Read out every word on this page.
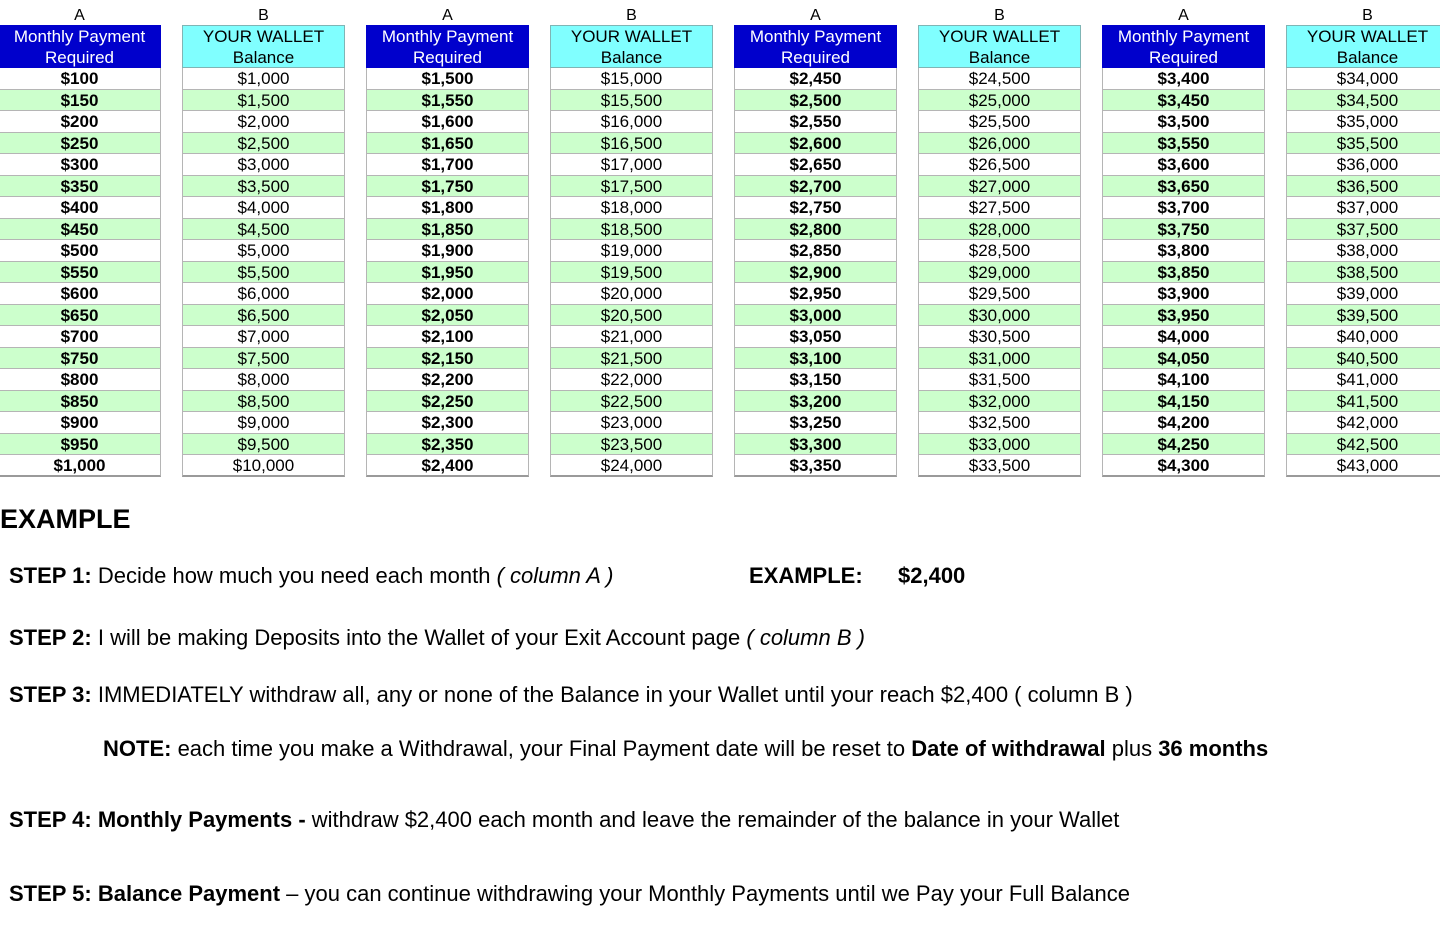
A
Monthly Payment
Required
$100
$150
$200
$250
$300
$350
$400
$450
$500
$550
$600
$650
$700
$750
$800
$850
$900
$950
$1,000
B
YOUR WALLET
Balance
$1,000
$1,500
$2,000
$2,500
$3,000
$3,500
$4,000
$4,500
$5,000
$5,500
$6,000
$6,500
$7,000
$7,500
$8,000
$8,500
$9,000
$9,500
$10,000
A
Monthly Payment
Required
$1,500
$1,550
$1,600
$1,650
$1,700
$1,750
$1,800
$1,850
$1,900
$1,950
$2,000
$2,050
$2,100
$2,150
$2,200
$2,250
$2,300
$2,350
$2,400
B
YOUR WALLET
Balance
$15,000
$15,500
$16,000
$16,500
$17,000
$17,500
$18,000
$18,500
$19,000
$19,500
$20,000
$20,500
$21,000
$21,500
$22,000
$22,500
$23,000
$23,500
$24,000
A
Monthly Payment
Required
$2,450
$2,500
$2,550
$2,600
$2,650
$2,700
$2,750
$2,800
$2,850
$2,900
$2,950
$3,000
$3,050
$3,100
$3,150
$3,200
$3,250
$3,300
$3,350
B
YOUR WALLET
Balance
$24,500
$25,000
$25,500
$26,000
$26,500
$27,000
$27,500
$28,000
$28,500
$29,000
$29,500
$30,000
$30,500
$31,000
$31,500
$32,000
$32,500
$33,000
$33,500
A
Monthly Payment
Required
$3,400
$3,450
$3,500
$3,550
$3,600
$3,650
$3,700
$3,750
$3,800
$3,850
$3,900
$3,950
$4,000
$4,050
$4,100
$4,150
$4,200
$4,250
$4,300
B
YOUR WALLET
Balance
$34,000
$34,500
$35,000
$35,500
$36,000
$36,500
$37,000
$37,500
$38,000
$38,500
$39,000
$39,500
$40,000
$40,500
$41,000
$41,500
$42,000
$42,500
$43,000
EXAMPLE
STEP 1: Decide how much you need each month ( column A )	EXAMPLE: $2,400
STEP 2: I will be making Deposits into the Wallet of your Exit Account page ( column B )
STEP 3: IMMEDIATELY withdraw all, any or none of the Balance in your Wallet until your reach $2,400 ( column B )
NOTE: each time you make a Withdrawal, your Final Payment date will be reset to Date of withdrawal plus 36 months
STEP 4: Monthly Payments - withdraw $2,400 each month and leave the remainder of the balance in your Wallet
STEP 5: Balance Payment – you can continue withdrawing your Monthly Payments until we Pay your Full Balance
